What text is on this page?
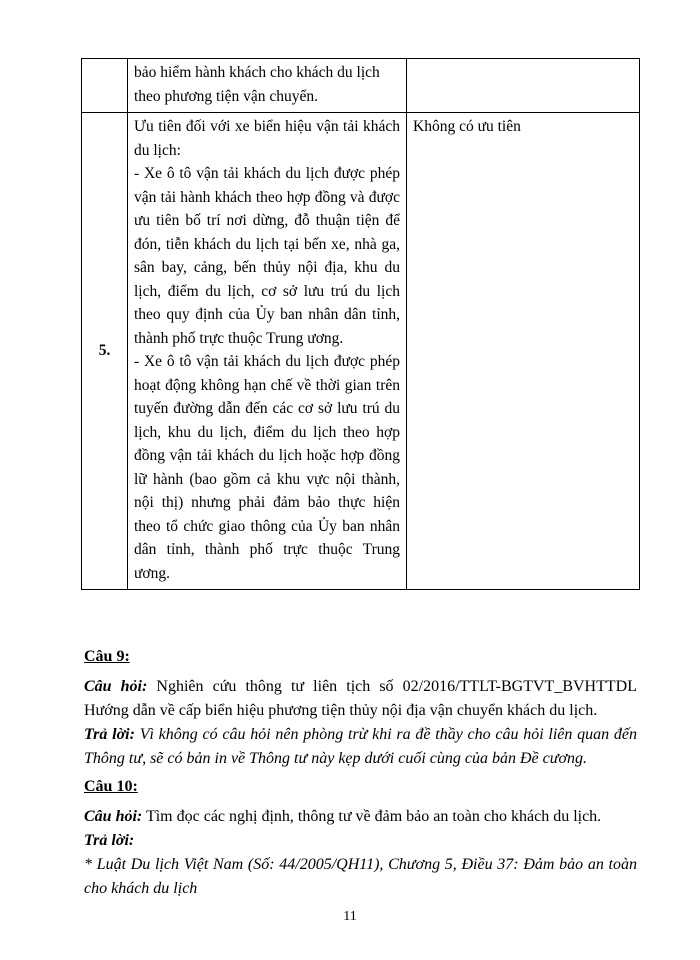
	bảo hiểm hành khách cho khách du lịch
theo phương tiện vận chuyển.	

5.	Ưu tiên đối với xe biển hiệu vận tải khách du lịch:
- Xe ô tô vận tải khách du lịch được phép vận tải hành khách theo hợp đồng và được ưu tiên bố trí nơi dừng, đỗ thuận tiện để đón, tiễn khách du lịch tại bến xe, nhà ga, sân bay, cảng, bến thủy nội địa, khu du lịch, điểm du lịch, cơ sở lưu trú du lịch theo quy định của Ủy ban nhân dân tỉnh, thành phố trực thuộc Trung ương.
- Xe ô tô vận tải khách du lịch được phép hoạt động không hạn chế về thời gian trên tuyến đường dẫn đến các cơ sở lưu trú du lịch, khu du lịch, điểm du lịch theo hợp đồng vận tải khách du lịch hoặc hợp đồng lữ hành (bao gồm cả khu vực nội thành, nội thị) nhưng phải đảm bảo thực hiện theo tổ chức giao thông của Ủy ban nhân dân tỉnh, thành phố trực thuộc Trung ương.	Không có ưu tiên
Câu 9:
Câu hỏi: Nghiên cứu thông tư liên tịch số 02/2016/TTLT-BGTVT_BVHTTDL Hướng dẫn về cấp biển hiệu phương tiện thủy nội địa vận chuyển khách du lịch.
Trả lời: Vì không có câu hỏi nên phòng trừ khi ra đề thầy cho câu hỏi liên quan đến Thông tư, sẽ có bản in về Thông tư này kẹp dưới cuối cùng của bản Đề cương.
Câu 10:
Câu hỏi: Tìm đọc các nghị định, thông tư về đảm bảo an toàn cho khách du lịch.
Trả lời:
* Luật Du lịch Việt Nam (Số: 44/2005/QH11), Chương 5, Điều 37: Đảm bảo an toàn cho khách du lịch
11
